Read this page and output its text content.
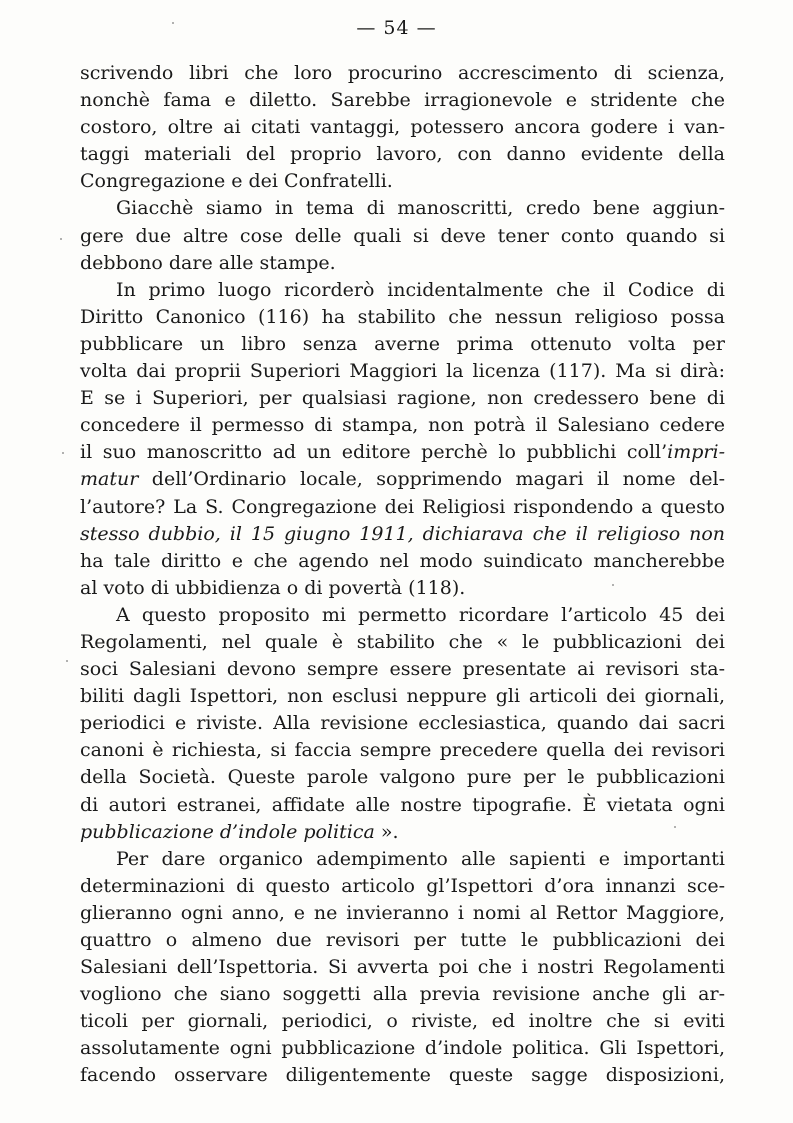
— 54 —
scrivendo libri che loro procurino accrescimento di scienza,
nonchè fama e diletto. Sarebbe irragionevole e stridente che
costoro, oltre ai citati vantaggi, potessero ancora godere i van-
taggi materiali del proprio lavoro, con danno evidente della
Congregazione e dei Confratelli.
Giacchè siamo in tema di manoscritti, credo bene aggiun-
gere due altre cose delle quali si deve tener conto quando si
debbono dare alle stampe.
In primo luogo ricorderò incidentalmente che il Codice di
Diritto Canonico (116) ha stabilito che nessun religioso possa
pubblicare un libro senza averne prima ottenuto volta per
volta dai proprii Superiori Maggiori la licenza (117). Ma si dirà:
E se i Superiori, per qualsiasi ragione, non credessero bene di
concedere il permesso di stampa, non potrà il Salesiano cedere
il suo manoscritto ad un editore perchè lo pubblichi coll’impri-
matur dell’Ordinario locale, sopprimendo magari il nome del-
l’autore? La S. Congregazione dei Religiosi rispondendo a questo
stesso dubbio, il 15 giugno 1911, dichiarava che il religioso non
ha tale diritto e che agendo nel modo suindicato mancherebbe
al voto di ubbidienza o di povertà (118).
A questo proposito mi permetto ricordare l’articolo 45 dei
Regolamenti, nel quale è stabilito che « le pubblicazioni dei
soci Salesiani devono sempre essere presentate ai revisori sta-
biliti dagli Ispettori, non esclusi neppure gli articoli dei giornali,
periodici e riviste. Alla revisione ecclesiastica, quando dai sacri
canoni è richiesta, si faccia sempre precedere quella dei revisori
della Società. Queste parole valgono pure per le pubblicazioni
di autori estranei, affidate alle nostre tipografie. È vietata ogni
pubblicazione d’indole politica ».
Per dare organico adempimento alle sapienti e importanti
determinazioni di questo articolo gl’Ispettori d’ora innanzi sce-
glieranno ogni anno, e ne invieranno i nomi al Rettor Maggiore,
quattro o almeno due revisori per tutte le pubblicazioni dei
Salesiani dell’Ispettoria. Si avverta poi che i nostri Regolamenti
vogliono che siano soggetti alla previa revisione anche gli ar-
ticoli per giornali, periodici, o riviste, ed inoltre che si eviti
assolutamente ogni pubblicazione d’indole politica. Gli Ispettori,
facendo osservare diligentemente queste sagge disposizioni,
